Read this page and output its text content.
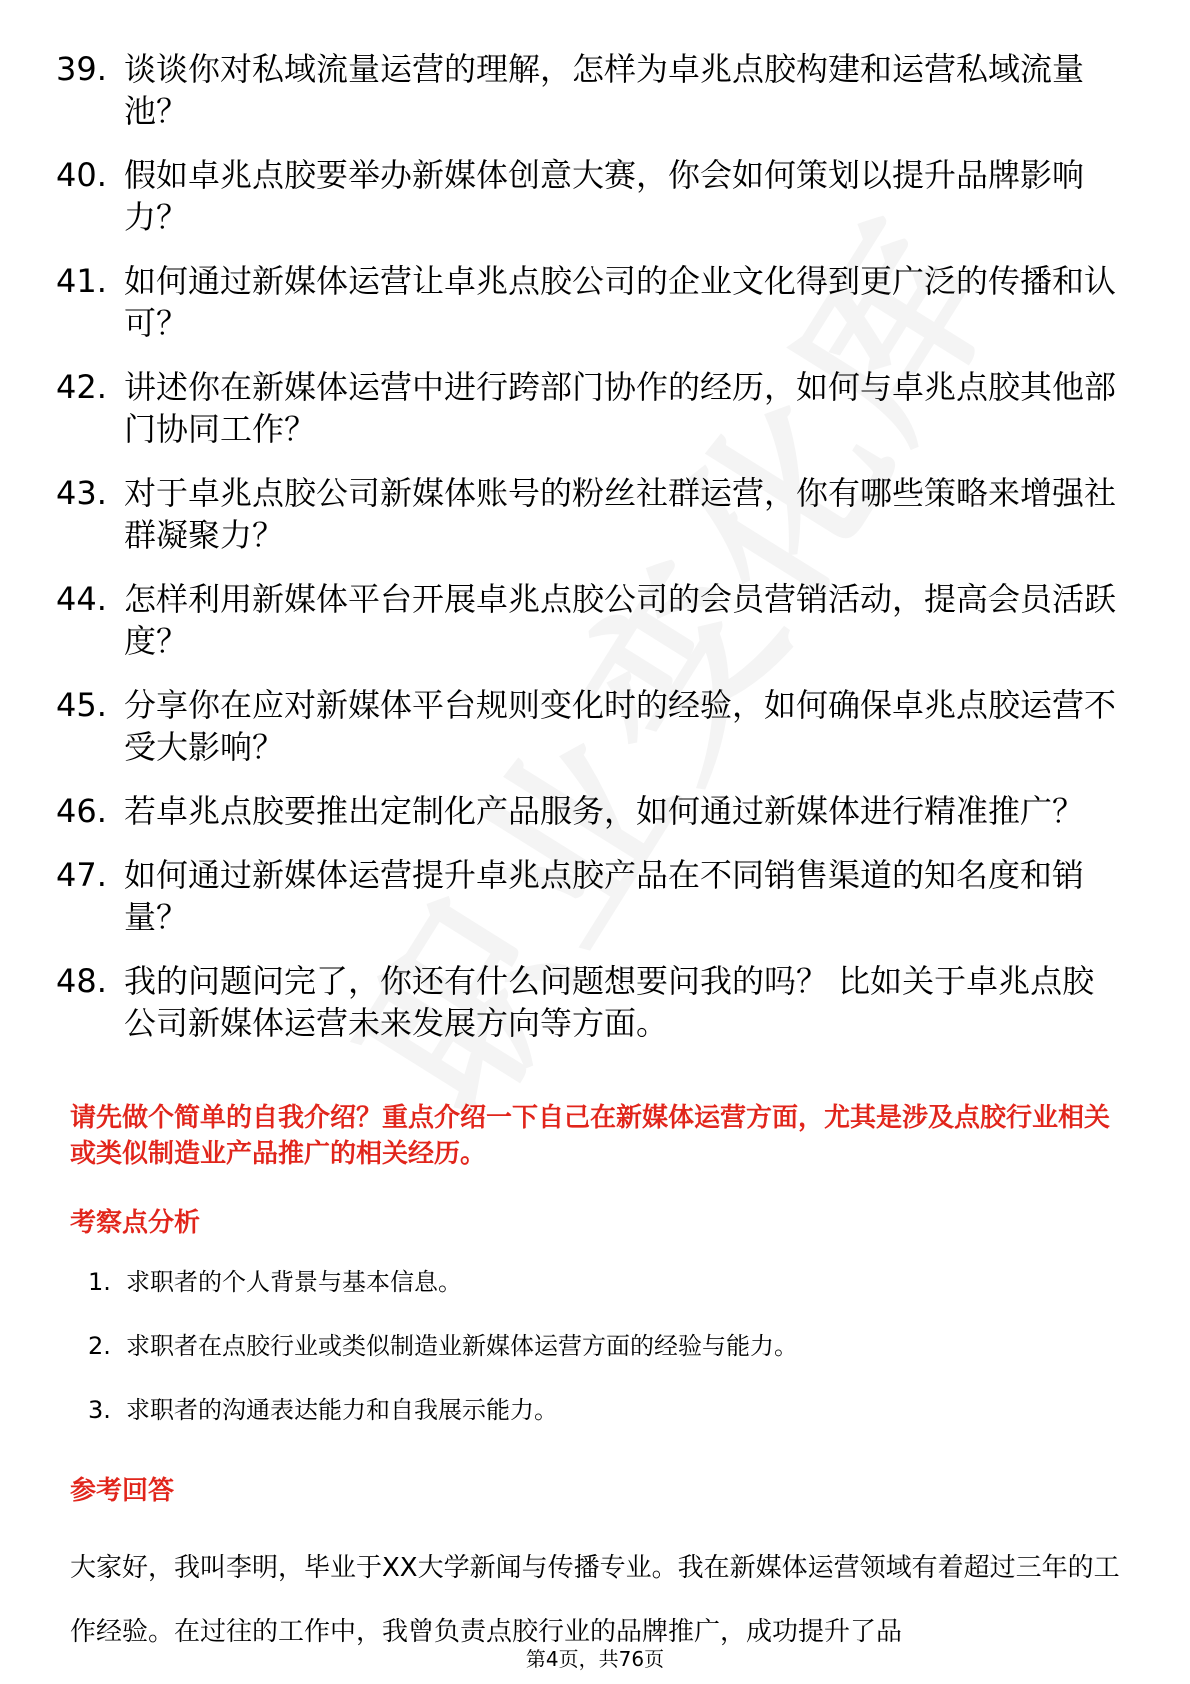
39. 谈谈你对私域流量运营的理解，怎样为卓兆点胶构建和运营私域流量池？
40. 假如卓兆点胶要举办新媒体创意大赛，你会如何策划以提升品牌影响力？
41. 如何通过新媒体运营让卓兆点胶公司的企业文化得到更广泛的传播和认可？
42. 讲述你在新媒体运营中进行跨部门协作的经历，如何与卓兆点胶其他部门协同工作？
43. 对于卓兆点胶公司新媒体账号的粉丝社群运营，你有哪些策略来增强社群凝聚力？
44. 怎样利用新媒体平台开展卓兆点胶公司的会员营销活动，提高会员活跃度？
45. 分享你在应对新媒体平台规则变化时的经验，如何确保卓兆点胶运营不受大影响？
46. 若卓兆点胶要推出定制化产品服务，如何通过新媒体进行精准推广？
47. 如何通过新媒体运营提升卓兆点胶产品在不同销售渠道的知名度和销量？
48. 我的问题问完了，你还有什么问题想要问我的吗？ 比如关于卓兆点胶公司新媒体运营未来发展方向等方面。
请先做个简单的自我介绍？重点介绍一下自己在新媒体运营方面，尤其是涉及点胶行业相关或类似制造业产品推广的相关经历。
考察点分析
1. 求职者的个人背景与基本信息。
2. 求职者在点胶行业或类似制造业新媒体运营方面的经验与能力。
3. 求职者的沟通表达能力和自我展示能力。
参考回答
大家好，我叫李明，毕业于XX大学新闻与传播专业。我在新媒体运营领域有着超过三年的工作经验。在过往的工作中，我曾负责点胶行业的品牌推广，成功提升了品
第4页，共76页
